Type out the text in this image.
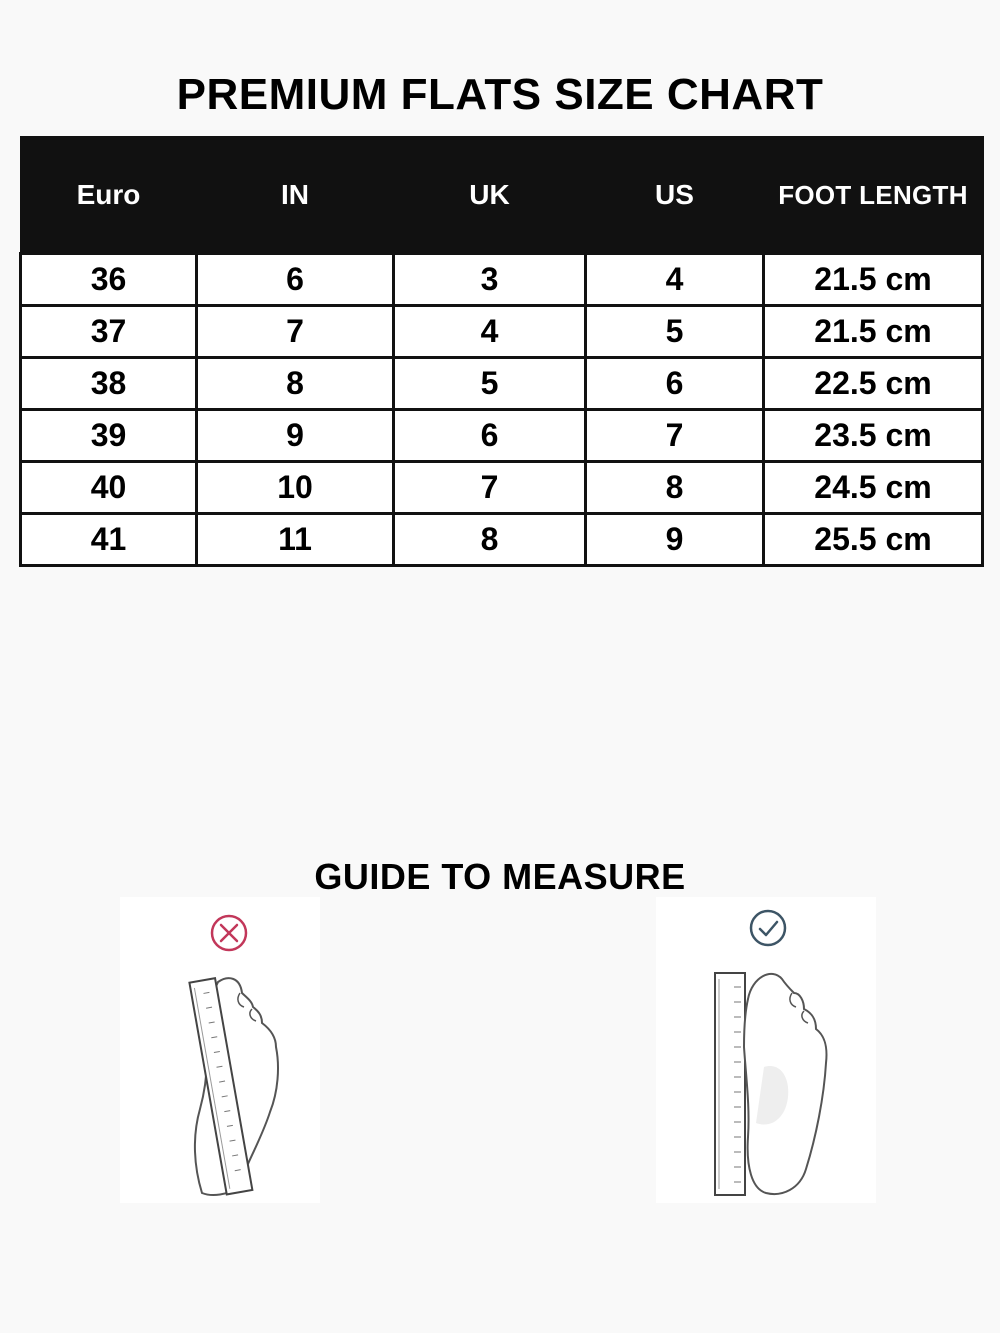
PREMIUM FLATS SIZE CHART
Euro	IN	UK	US	FOOT LENGTH
36	6	3	4	21.5 cm
37	7	4	5	21.5 cm
38	8	5	6	22.5 cm
39	9	6	7	23.5 cm
40	10	7	8	24.5 cm
41	11	8	9	25.5 cm
GUIDE TO MEASURE
